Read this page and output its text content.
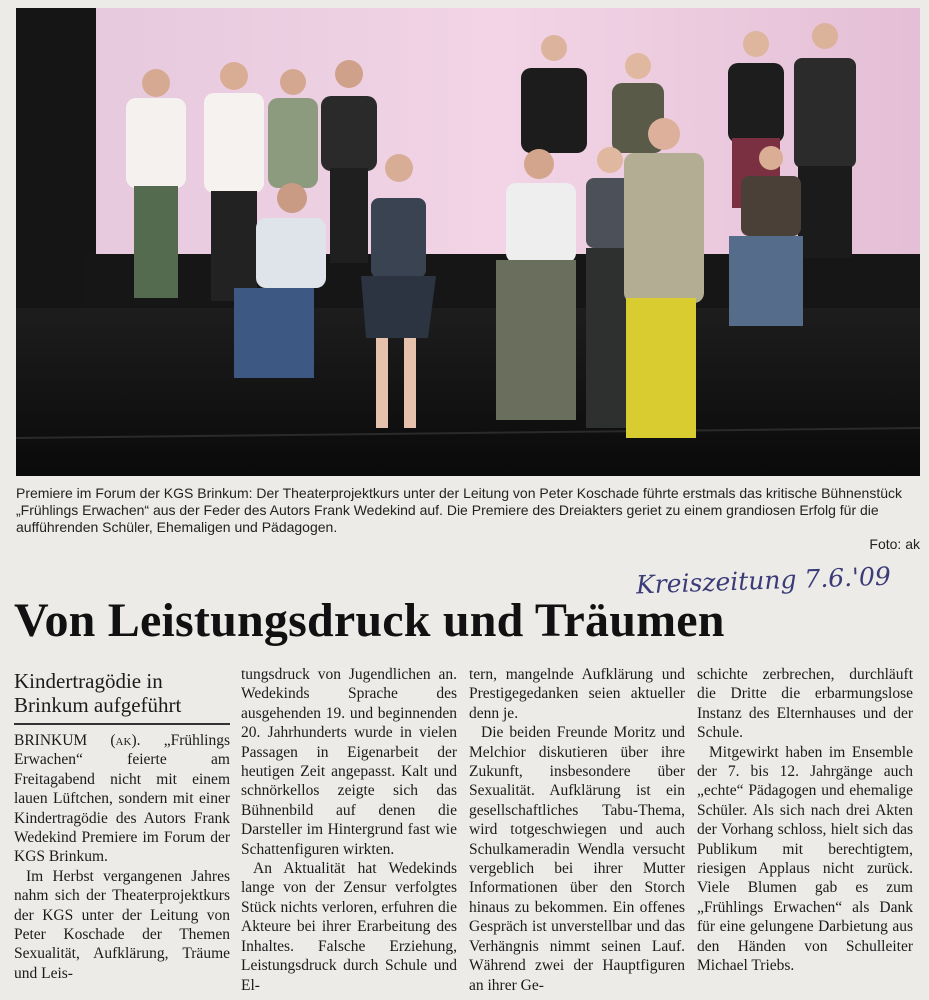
Premiere im Forum der KGS Brinkum: Der Theaterprojektkurs unter der Leitung von Peter Koschade führte erstmals das kritische Bühnenstück „Frühlings Erwachen“ aus der Feder des Autors Frank Wedekind auf. Die Premiere des Dreiakters geriet zu einem grandiosen Erfolg für die aufführenden Schüler, Ehemaligen und Pädagogen.
Foto: ak
Kreiszeitung 7.6.'09
Von Leistungsdruck und Träumen
Kindertragödie in Brinkum aufgeführt

BRINKUM (ak). „Frühlings Erwachen“ feierte am Freitagabend nicht mit einem lauen Lüftchen, sondern mit einer Kindertragödie des Autors Frank Wedekind Premiere im Forum der KGS Brinkum.

Im Herbst vergangenen Jahres nahm sich der Theaterprojektkurs der KGS unter der Leitung von Peter Koschade der Themen Sexualität, Aufklärung, Träume und Leis-

tungsdruck von Jugendlichen an. Wedekinds Sprache des ausgehenden 19. und beginnenden 20. Jahrhunderts wurde in vielen Passagen in Eigenarbeit der heutigen Zeit angepasst. Kalt und schnörkellos zeigte sich das Bühnenbild auf denen die Darsteller im Hintergrund fast wie Schattenfiguren wirkten.

An Aktualität hat Wedekinds lange von der Zensur verfolgtes Stück nichts verloren, erfuhren die Akteure bei ihrer Erarbeitung des Inhaltes. Falsche Erziehung, Leistungsdruck durch Schule und El-

tern, mangelnde Aufklärung und Prestigegedanken seien aktueller denn je.

Die beiden Freunde Moritz und Melchior diskutieren über ihre Zukunft, insbesondere über Sexualität. Aufklärung ist ein gesellschaftliches Tabu-Thema, wird totgeschwiegen und auch Schulkameradin Wendla versucht vergeblich bei ihrer Mutter Informationen über den Storch hinaus zu bekommen. Ein offenes Gespräch ist unverstellbar und das Verhängnis nimmt seinen Lauf. Während zwei der Hauptfiguren an ihrer Ge-

schichte zerbrechen, durchläuft die Dritte die erbarmungslose Instanz des Elternhauses und der Schule.

Mitgewirkt haben im Ensemble der 7. bis 12. Jahrgänge auch „echte“ Pädagogen und ehemalige Schüler. Als sich nach drei Akten der Vorhang schloss, hielt sich das Publikum mit berechtigtem, riesigen Applaus nicht zurück. Viele Blumen gab es zum „Frühlings Erwachen“ als Dank für eine gelungene Darbietung aus den Händen von Schulleiter Michael Triebs.
